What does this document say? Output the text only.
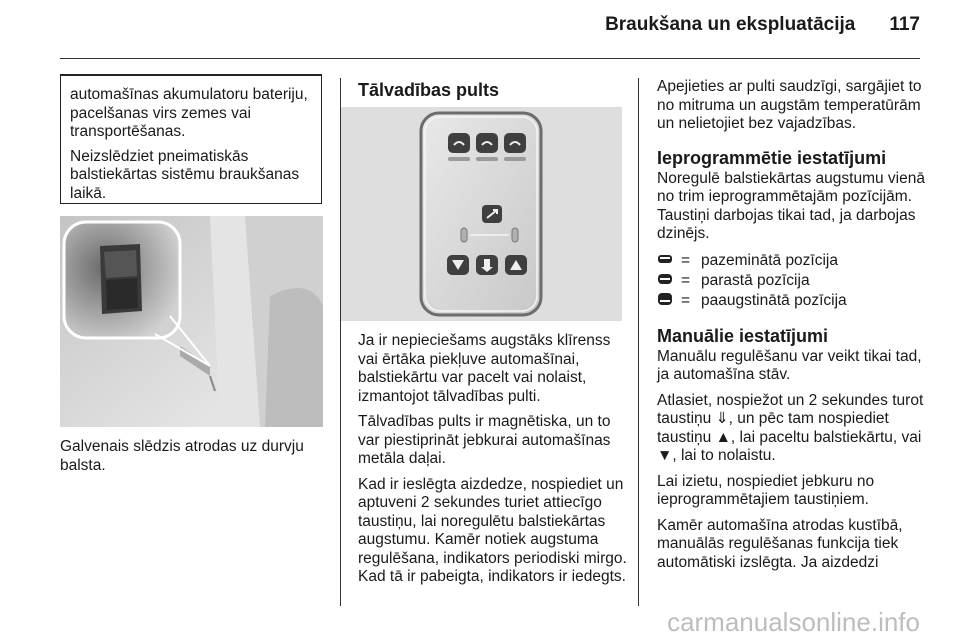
Braukšana un ekspluatācija 117

automašīnas akumulatoru bateriju, pacelšanas virs zemes vai transportēšanas.

Neizslēdziet pneimatiskās balstiekārtas sistēmu braukšanas laikā.

Galvenais slēdzis atrodas uz durvju balsta.

Tālvadības pults

Ja ir nepieciešams augstāks klīrenss vai ērtāka piekļuve automašīnai, balstiekārtu var pacelt vai nolaist, izmantojot tālvadības pulti.

Tālvadības pults ir magnētiska, un to var piestiprināt jebkurai automašīnas metāla daļai.

Kad ir ieslēgta aizdedze, nospiediet un aptuveni 2 sekundes turiet attiecīgo taustiņu, lai noregulētu balstiekārtas augstumu. Kamēr notiek augstuma regulēšana, indikators periodiski mirgo. Kad tā ir pabeigta, indikators ir iedegts.

Apejieties ar pulti saudzīgi, sargājiet to no mitruma un augstām temperatūrām un nelietojiet bez vajadzības.

Ieprogrammētie iestatījumi

Noregulē balstiekārtas augstumu vienā no trim ieprogrammētajām pozīcijām. Taustiņi darbojas tikai tad, ja darbojas dzinējs.

= pazeminātā pozīcija
= parastā pozīcija
= paaugstinātā pozīcija
Manuālie iestatījumi

Manuālu regulēšanu var veikt tikai tad, ja automašīna stāv.

Atlasiet, nospiežot un 2 sekundes turot taustiņu ⇓, un pēc tam nospiediet taustiņu ▲, lai paceltu balstiekārtu, vai ▼, lai to nolaistu.

Lai izietu, nospiediet jebkuru no ieprogrammētajiem taustiņiem.

Kamēr automašīna atrodas kustībā, manuālās regulēšanas funkcija tiek automātiski izslēgta. Ja aizdedzi

carmanualsonline.info
